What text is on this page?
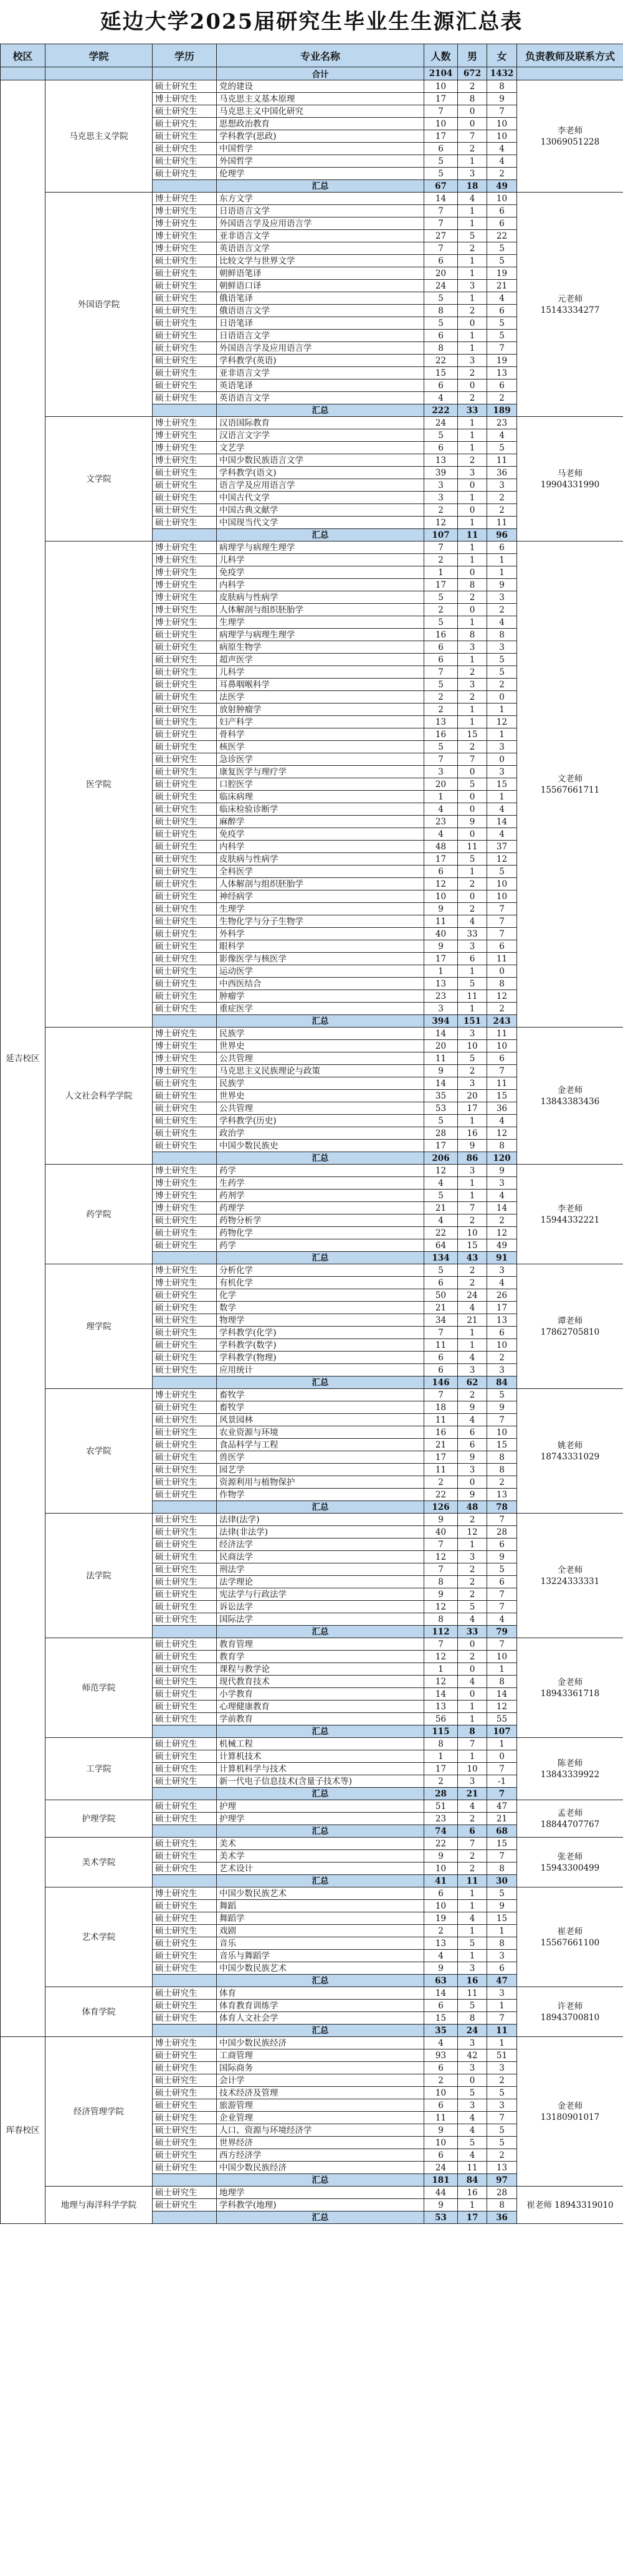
延边大学2025届研究生毕业生生源汇总表
校区	学院	学历	专业名称	人数	男	女	负责教师及联系方式
			合计	2104	672	1432	
延吉校区	马克思主义学院	硕士研究生	党的建设	10	2	8	李老师
13069051228

		博士研究生	马克思主义基本原理	17	8	9	
		硕士研究生	马克思主义中国化研究	7	0	7	
		硕士研究生	思想政治教育	10	0	10	
		硕士研究生	学科教学(思政)	17	7	10	
		硕士研究生	中国哲学	6	2	4	
		硕士研究生	外国哲学	5	1	4	
		硕士研究生	伦理学	5	3	2	
			汇总	67	18	49	
	外国语学院	博士研究生	东方文学	14	4	10	元老师
15143334277

		博士研究生	日语语言文学	7	1	6	
		博士研究生	外国语言学及应用语言学	7	1	6	
		博士研究生	亚非语言文学	27	5	22	
		博士研究生	英语语言文学	7	2	5	
		硕士研究生	比较文学与世界文学	6	1	5	
		硕士研究生	朝鲜语笔译	20	1	19	
		硕士研究生	朝鲜语口译	24	3	21	
		硕士研究生	俄语笔译	5	1	4	
		硕士研究生	俄语语言文学	8	2	6	
		硕士研究生	日语笔译	5	0	5	
		硕士研究生	日语语言文学	6	1	5	
		硕士研究生	外国语言学及应用语言学	8	1	7	
		硕士研究生	学科教学(英语)	22	3	19	
		硕士研究生	亚非语言文学	15	2	13	
		硕士研究生	英语笔译	6	0	6	
		硕士研究生	英语语言文学	4	2	2	
			汇总	222	33	189	
	文学院	博士研究生	汉语国际教育	24	1	23	马老师
19904331990

		博士研究生	汉语言文字学	5	1	4	
		博士研究生	文艺学	6	1	5	
		博士研究生	中国少数民族语言文学	13	2	11	
		硕士研究生	学科教学(语文)	39	3	36	
		硕士研究生	语言学及应用语言学	3	0	3	
		硕士研究生	中国古代文学	3	1	2	
		硕士研究生	中国古典文献学	2	0	2	
		硕士研究生	中国现当代文学	12	1	11	
			汇总	107	11	96	
	医学院	博士研究生	病理学与病理生理学	7	1	6	文老师
15567661711

		博士研究生	儿科学	2	1	1	
		博士研究生	免疫学	1	0	1	
		博士研究生	内科学	17	8	9	
		博士研究生	皮肤病与性病学	5	2	3	
		博士研究生	人体解剖与组织胚胎学	2	0	2	
		博士研究生	生理学	5	1	4	
		硕士研究生	病理学与病理生理学	16	8	8	
		硕士研究生	病原生物学	6	3	3	
		硕士研究生	超声医学	6	1	5	
		硕士研究生	儿科学	7	2	5	
		硕士研究生	耳鼻咽喉科学	5	3	2	
		硕士研究生	法医学	2	2	0	
		硕士研究生	放射肿瘤学	2	1	1	
		硕士研究生	妇产科学	13	1	12	
		硕士研究生	骨科学	16	15	1	
		硕士研究生	核医学	5	2	3	
		硕士研究生	急诊医学	7	7	0	
		硕士研究生	康复医学与理疗学	3	0	3	
		硕士研究生	口腔医学	20	5	15	
		硕士研究生	临床病理	1	0	1	
		硕士研究生	临床检验诊断学	4	0	4	
		硕士研究生	麻醉学	23	9	14	
		硕士研究生	免疫学	4	0	4	
		硕士研究生	内科学	48	11	37	
		硕士研究生	皮肤病与性病学	17	5	12	
		硕士研究生	全科医学	6	1	5	
		硕士研究生	人体解剖与组织胚胎学	12	2	10	
		硕士研究生	神经病学	10	0	10	
		硕士研究生	生理学	9	2	7	
		硕士研究生	生物化学与分子生物学	11	4	7	
		硕士研究生	外科学	40	33	7	
		硕士研究生	眼科学	9	3	6	
		硕士研究生	影像医学与核医学	17	6	11	
		硕士研究生	运动医学	1	1	0	
		硕士研究生	中西医结合	13	5	8	
		硕士研究生	肿瘤学	23	11	12	
		硕士研究生	重症医学	3	1	2	
			汇总	394	151	243	
	人文社会科学学院	博士研究生	民族学	14	3	11	金老师
13843383436

		博士研究生	世界史	20	10	10	
		博士研究生	公共管理	11	5	6	
		博士研究生	马克思主义民族理论与政策	9	2	7	
		硕士研究生	民族学	14	3	11	
		硕士研究生	世界史	35	20	15	
		硕士研究生	公共管理	53	17	36	
		硕士研究生	学科教学(历史)	5	1	4	
		硕士研究生	政治学	28	16	12	
		硕士研究生	中国少数民族史	17	9	8	
			汇总	206	86	120	
	药学院	博士研究生	药学	12	3	9	李老师
15944332221

		博士研究生	生药学	4	1	3	
		博士研究生	药剂学	5	1	4	
		博士研究生	药理学	21	7	14	
		硕士研究生	药物分析学	4	2	2	
		硕士研究生	药物化学	22	10	12	
		硕士研究生	药学	64	15	49	
			汇总	134	43	91	
	理学院	博士研究生	分析化学	5	2	3	谭老师
17862705810

		博士研究生	有机化学	6	2	4	
		硕士研究生	化学	50	24	26	
		硕士研究生	数学	21	4	17	
		硕士研究生	物理学	34	21	13	
		硕士研究生	学科教学(化学)	7	1	6	
		硕士研究生	学科教学(数学)	11	1	10	
		硕士研究生	学科教学(物理)	6	4	2	
		硕士研究生	应用统计	6	3	3	
			汇总	146	62	84	
	农学院	博士研究生	畜牧学	7	2	5	姚老师
18743331029

		硕士研究生	畜牧学	18	9	9	
		硕士研究生	风景园林	11	4	7	
		硕士研究生	农业资源与环境	16	6	10	
		硕士研究生	食品科学与工程	21	6	15	
		硕士研究生	兽医学	17	9	8	
		硕士研究生	园艺学	11	3	8	
		硕士研究生	资源利用与植物保护	2	0	2	
		硕士研究生	作物学	22	9	13	
			汇总	126	48	78	
	法学院	硕士研究生	法律(法学)	9	2	7	全老师
13224333331

		硕士研究生	法律(非法学)	40	12	28	
		硕士研究生	经济法学	7	1	6	
		硕士研究生	民商法学	12	3	9	
		硕士研究生	刑法学	7	2	5	
		硕士研究生	法学理论	8	2	6	
		硕士研究生	宪法学与行政法学	9	2	7	
		硕士研究生	诉讼法学	12	5	7	
		硕士研究生	国际法学	8	4	4	
			汇总	112	33	79	
	师范学院	硕士研究生	教育管理	7	0	7	金老师
18943361718

		硕士研究生	教育学	12	2	10	
		硕士研究生	课程与教学论	1	0	1	
		硕士研究生	现代教育技术	12	4	8	
		硕士研究生	小学教育	14	0	14	
		硕士研究生	心理健康教育	13	1	12	
		硕士研究生	学前教育	56	1	55	
			汇总	115	8	107	
	工学院	硕士研究生	机械工程	8	7	1	陈老师
13843339922

		硕士研究生	计算机技术	1	1	0	
		硕士研究生	计算机科学与技术	17	10	7	
		硕士研究生	新一代电子信息技术(含量子技术等)	2	3	-1	
			汇总	28	21	7	
	护理学院	硕士研究生	护理	51	4	47	孟老师
18844707767

		硕士研究生	护理学	23	2	21	
			汇总	74	6	68	
	美术学院	硕士研究生	美术	22	7	15	张老师
15943300499

		硕士研究生	美术学	9	2	7	
		硕士研究生	艺术设计	10	2	8	
			汇总	41	11	30	
	艺术学院	博士研究生	中国少数民族艺术	6	1	5	崔老师
15567661100

		硕士研究生	舞蹈	10	1	9	
		硕士研究生	舞蹈学	19	4	15	
		硕士研究生	戏剧	2	1	1	
		硕士研究生	音乐	13	5	8	
		硕士研究生	音乐与舞蹈学	4	1	3	
		硕士研究生	中国少数民族艺术	9	3	6	
			汇总	63	16	47	
	体育学院	硕士研究生	体育	14	11	3	许老师
18943700810

		硕士研究生	体育教育训练学	6	5	1	
		硕士研究生	体育人文社会学	15	8	7	
			汇总	35	24	11	
珲春校区	经济管理学院	博士研究生	中国少数民族经济	4	3	1	金老师
13180901017

		硕士研究生	工商管理	93	42	51	
		硕士研究生	国际商务	6	3	3	
		硕士研究生	会计学	2	0	2	
		硕士研究生	技术经济及管理	10	5	5	
		硕士研究生	旅游管理	6	3	3	
		硕士研究生	企业管理	11	4	7	
		硕士研究生	人口、资源与环境经济学	9	4	5	
		硕士研究生	世界经济	10	5	5	
		硕士研究生	西方经济学	6	4	2	
		硕士研究生	中国少数民族经济	24	11	13	
			汇总	181	84	97	
	地理与海洋科学学院	硕士研究生	地理学	44	16	28	崔老师 18943319010

		硕士研究生	学科教学(地理)	9	1	8	
			汇总	53	17	36	
